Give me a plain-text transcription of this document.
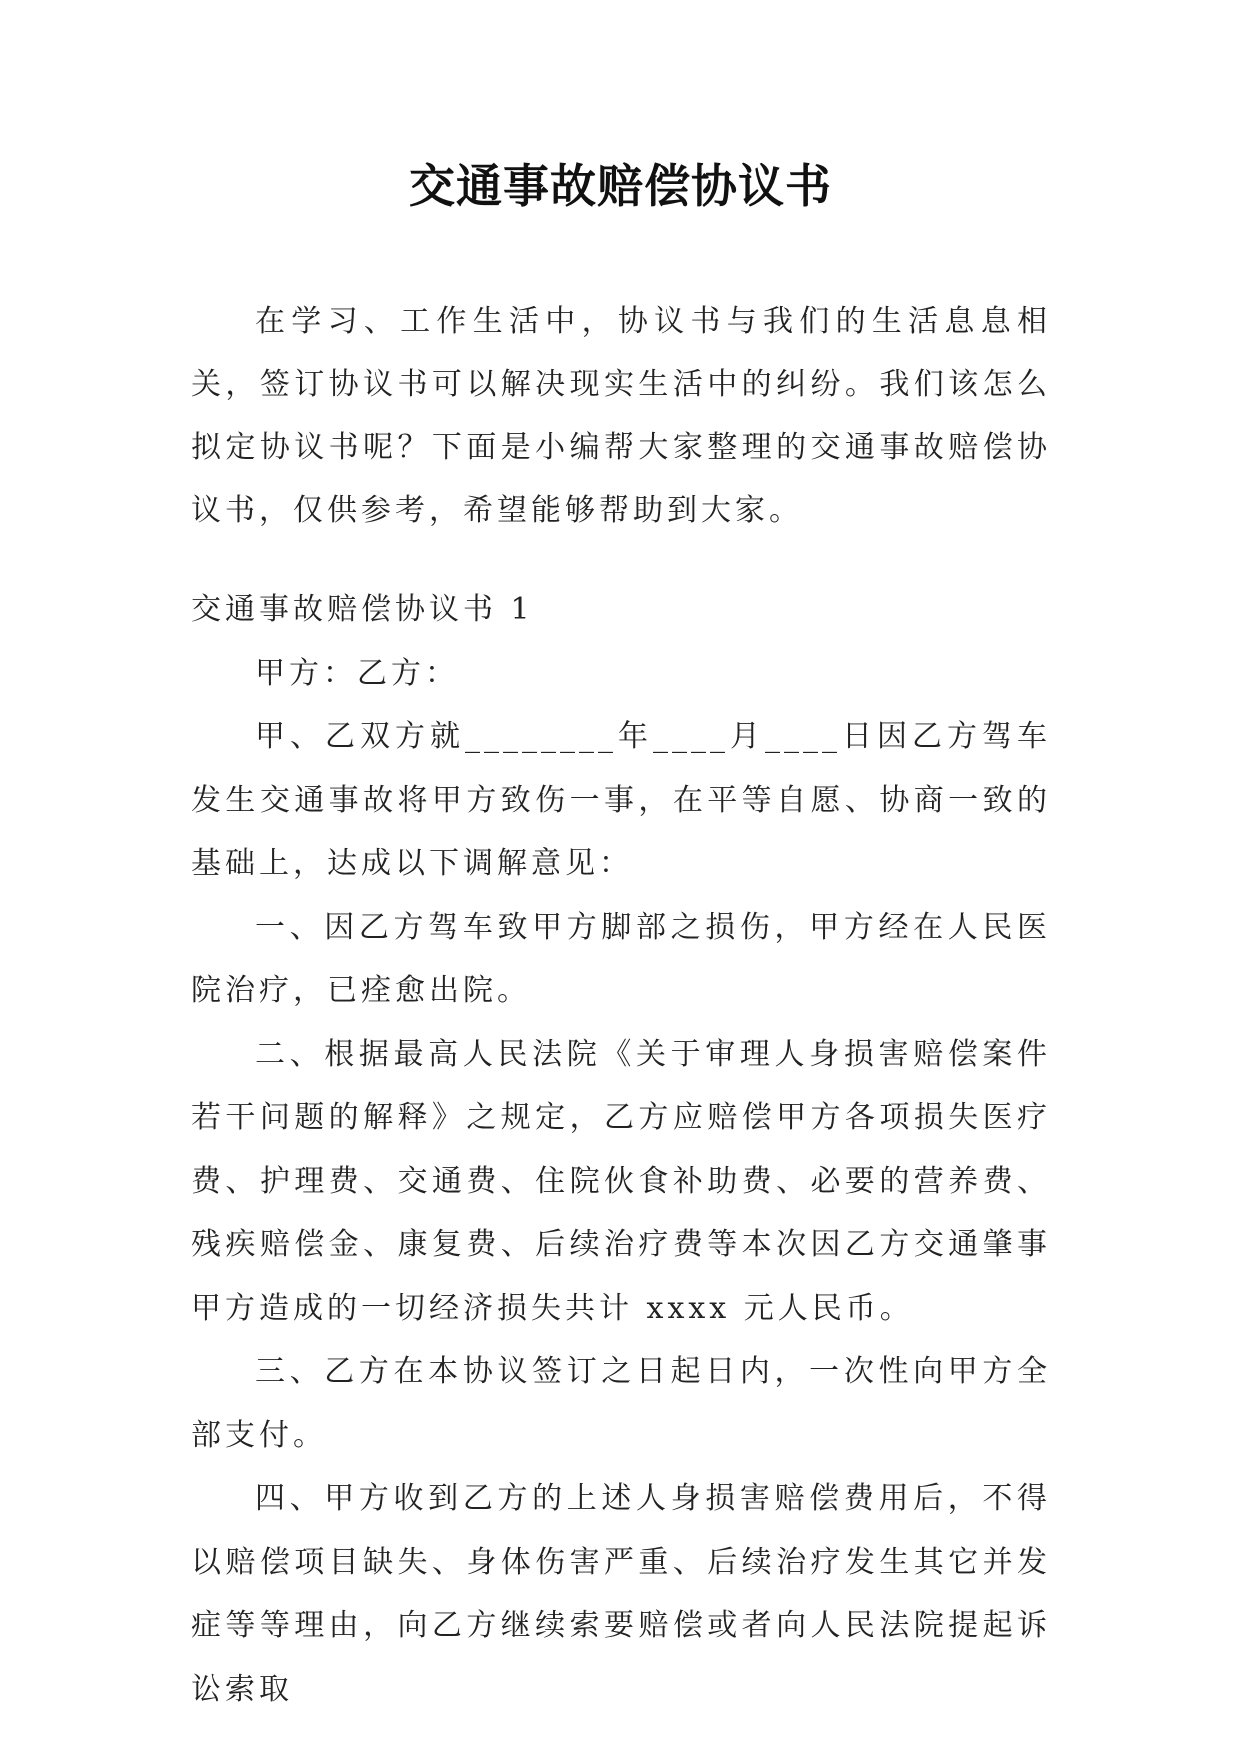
交通事故赔偿协议书

在学习、工作生活中，协议书与我们的生活息息相关，签订协议书可以解决现实生活中的纠纷。我们该怎么拟定协议书呢？下面是小编帮大家整理的交通事故赔偿协议书，仅供参考，希望能够帮助到大家。

交通事故赔偿协议书 1

甲方：乙方：

甲、乙双方就________年____月____日因乙方驾车发生交通事故将甲方致伤一事，在平等自愿、协商一致的基础上，达成以下调解意见：

一、因乙方驾车致甲方脚部之损伤，甲方经在人民医院治疗，已痊愈出院。

二、根据最高人民法院《关于审理人身损害赔偿案件若干问题的解释》之规定，乙方应赔偿甲方各项损失医疗费、护理费、交通费、住院伙食补助费、必要的营养费、残疾赔偿金、康复费、后续治疗费等本次因乙方交通肇事甲方造成的一切经济损失共计 xxxx 元人民币。

三、乙方在本协议签订之日起日内，一次性向甲方全部支付。

四、甲方收到乙方的上述人身损害赔偿费用后，不得以赔偿项目缺失、身体伤害严重、后续治疗发生其它并发症等等理由，向乙方继续索要赔偿或者向人民法院提起诉讼索取
